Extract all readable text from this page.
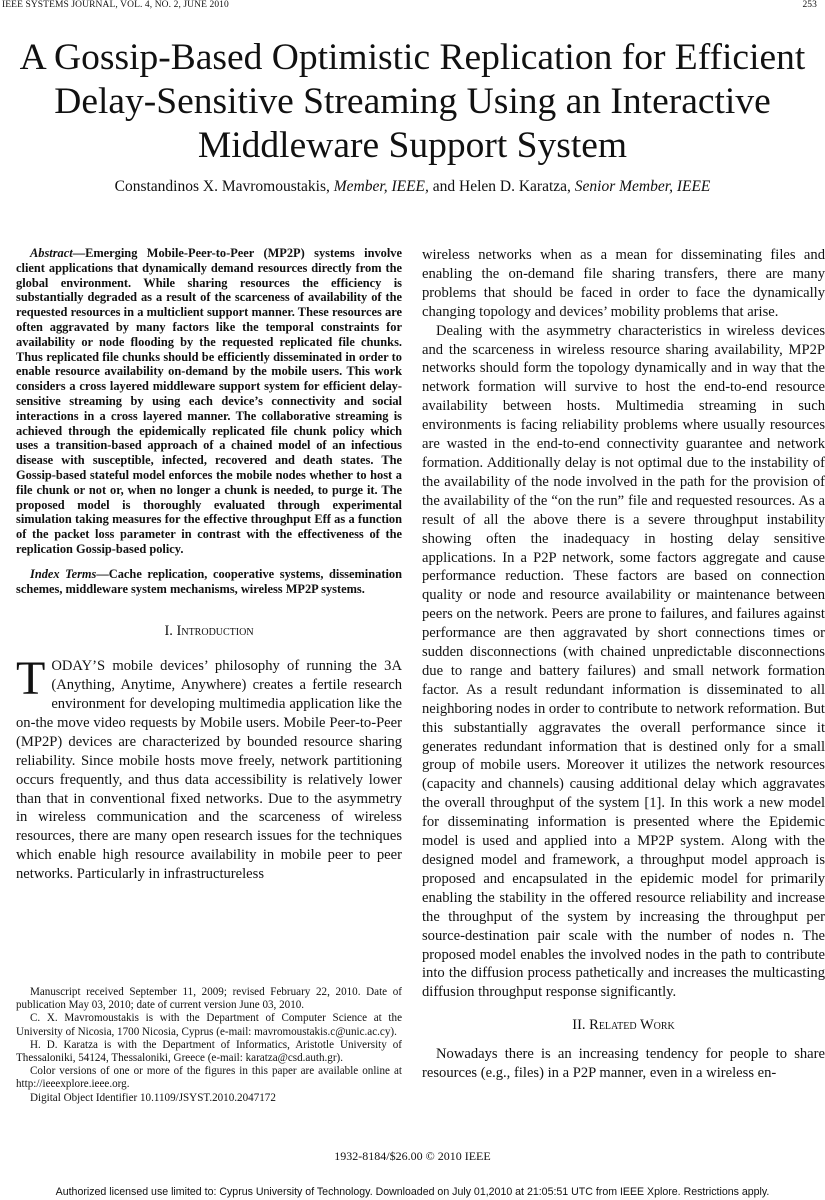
IEEE SYSTEMS JOURNAL, VOL. 4, NO. 2, JUNE 2010	253
A Gossip-Based Optimistic Replication for Efficient Delay-Sensitive Streaming Using an Interactive Middleware Support System

Constandinos X. Mavromoustakis, Member, IEEE, and Helen D. Karatza, Senior Member, IEEE

Abstract—Emerging Mobile-Peer-to-Peer (MP2P) systems involve client applications that dynamically demand resources directly from the global environment. While sharing resources the efficiency is substantially degraded as a result of the scarceness of availability of the requested resources in a multiclient support manner. These resources are often aggravated by many factors like the temporal constraints for availability or node flooding by the requested replicated file chunks. Thus replicated file chunks should be efficiently disseminated in order to enable resource availability on-demand by the mobile users. This work considers a cross layered middleware support system for efficient delay-sensitive streaming by using each device’s connectivity and social interactions in a cross layered manner. The collaborative streaming is achieved through the epidemically replicated file chunk policy which uses a transition-based approach of a chained model of an infectious disease with susceptible, infected, recovered and death states. The Gossip-based stateful model enforces the mobile nodes whether to host a file chunk or not or, when no longer a chunk is needed, to purge it. The proposed model is thoroughly evaluated through experimental simulation taking measures for the effective throughput Eff as a function of the packet loss parameter in contrast with the effectiveness of the replication Gossip-based policy.

Index Terms—Cache replication, cooperative systems, dissemination schemes, middleware system mechanisms, wireless MP2P systems.

I. Introduction

TODAY’S mobile devices’ philosophy of running the 3A (Anything, Anytime, Anywhere) creates a fertile research environment for developing multimedia application like the on-the move video requests by Mobile users. Mobile Peer-to-Peer (MP2P) devices are characterized by bounded resource sharing reliability. Since mobile hosts move freely, network partitioning occurs frequently, and thus data accessibility is relatively lower than that in conventional fixed networks. Due to the asymmetry in wireless communication and the scarceness of wireless resources, there are many open research issues for the techniques which enable high resource availability in mobile peer to peer networks. Particularly in infrastructureless

Manuscript received September 11, 2009; revised February 22, 2010. Date of publication May 03, 2010; date of current version June 03, 2010.

C. X. Mavromoustakis is with the Department of Computer Science at the University of Nicosia, 1700 Nicosia, Cyprus (e-mail: mavromoustakis.c@unic.ac.cy).

H. D. Karatza is with the Department of Informatics, Aristotle University of Thessaloniki, 54124, Thessaloniki, Greece (e-mail: karatza@csd.auth.gr).

Color versions of one or more of the figures in this paper are available online at http://ieeexplore.ieee.org.

Digital Object Identifier 10.1109/JSYST.2010.2047172

wireless networks when as a mean for disseminating files and enabling the on-demand file sharing transfers, there are many problems that should be faced in order to face the dynamically changing topology and devices’ mobility problems that arise.

Dealing with the asymmetry characteristics in wireless devices and the scarceness in wireless resource sharing availability, MP2P networks should form the topology dynamically and in way that the network formation will survive to host the end-to-end resource availability between hosts. Multimedia streaming in such environments is facing reliability problems where usually resources are wasted in the end-to-end connectivity guarantee and network formation. Additionally delay is not optimal due to the instability of the availability of the node involved in the path for the provision of the availability of the “on the run” file and requested resources. As a result of all the above there is a severe throughput instability showing often the inadequacy in hosting delay sensitive applications. In a P2P network, some factors aggregate and cause performance reduction. These factors are based on connection quality or node and resource availability or maintenance between peers on the network. Peers are prone to failures, and failures against performance are then aggravated by short connections times or sudden disconnections (with chained unpredictable disconnections due to range and battery failures) and small network formation factor. As a result redundant information is disseminated to all neighboring nodes in order to contribute to network reformation. But this substantially aggravates the overall performance since it generates redundant information that is destined only for a small group of mobile users. Moreover it utilizes the network resources (capacity and channels) causing additional delay which aggravates the overall throughput of the system [1]. In this work a new model for disseminating information is presented where the Epidemic model is used and applied into a MP2P system. Along with the designed model and framework, a throughput model approach is proposed and encapsulated in the epidemic model for primarily enabling the stability in the offered resource reliability and increase the throughput of the system by increasing the throughput per source-destination pair scale with the number of nodes n. The proposed model enables the involved nodes in the path to contribute into the diffusion process pathetically and increases the multicasting diffusion throughput response significantly.

II. Related Work

Nowadays there is an increasing tendency for people to share resources (e.g., files) in a P2P manner, even in a wireless en-

1932-8184/$26.00 © 2010 IEEE
Authorized licensed use limited to: Cyprus University of Technology. Downloaded on July 01,2010 at 21:05:51 UTC from IEEE Xplore. Restrictions apply.
